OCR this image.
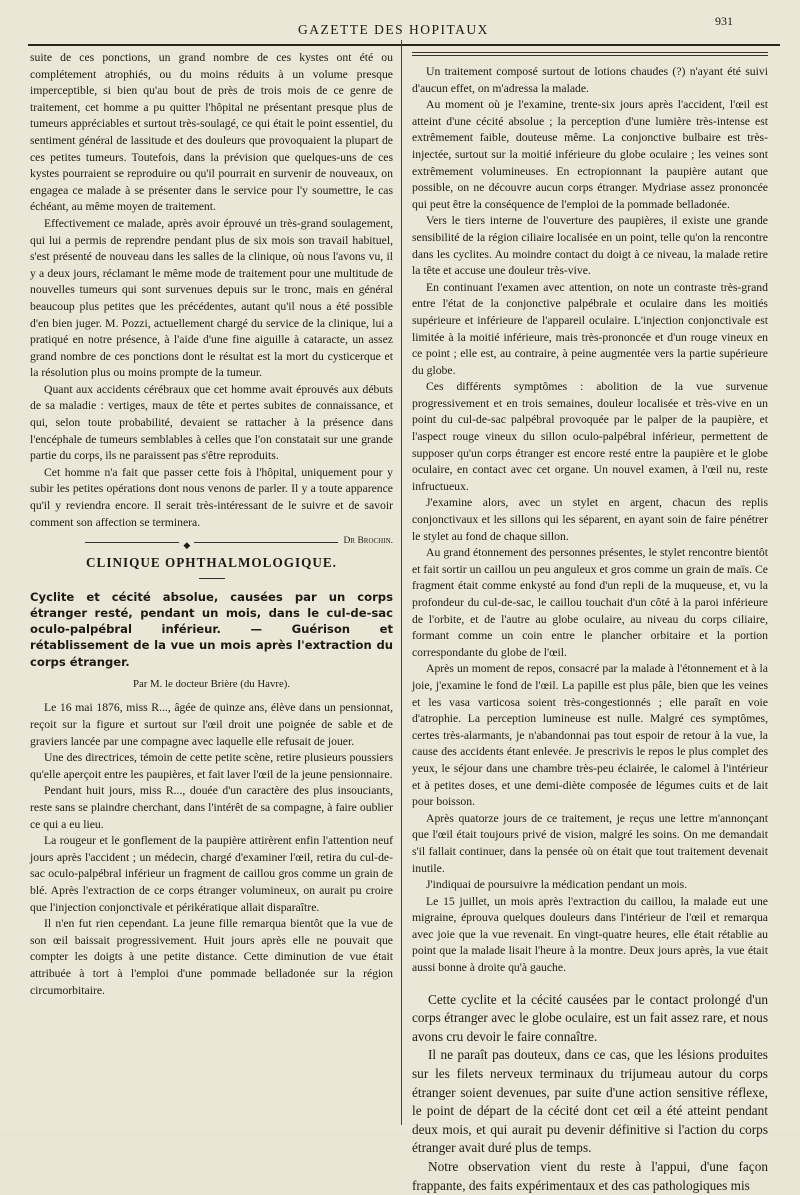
GAZETTE DES HOPITAUX
931

suite de ces ponctions, un grand nombre de ces kystes ont été ou complétement atrophiés, ou du moins réduits à un volume presque imperceptible, si bien qu'au bout de près de trois mois de ce genre de traitement, cet homme a pu quitter l'hôpital ne présentant presque plus de tumeurs appréciables et surtout très-soulagé, ce qui était le point essentiel, du sentiment général de lassitude et des douleurs que provoquaient la plupart de ces petites tumeurs. Toutefois, dans la prévision que quelques-uns de ces kystes pourraient se reproduire ou qu'il pourrait en survenir de nouveaux, on engagea ce malade à se présenter dans le service pour l'y soumettre, le cas échéant, au même moyen de traitement.

Effectivement ce malade, après avoir éprouvé un très-grand soulagement, qui lui a permis de reprendre pendant plus de six mois son travail habituel, s'est présenté de nouveau dans les salles de la clinique, où nous l'avons vu, il y a deux jours, réclamant le même mode de traitement pour une multitude de nouvelles tumeurs qui sont survenues depuis sur le tronc, mais en général beaucoup plus petites que les précédentes, autant qu'il nous a été possible d'en bien juger. M. Pozzi, actuellement chargé du service de la clinique, lui a pratiqué en notre présence, à l'aide d'une fine aiguille à cataracte, un assez grand nombre de ces ponctions dont le résultat est la mort du cysticerque et la résolution plus ou moins prompte de la tumeur.

Quant aux accidents cérébraux que cet homme avait éprouvés aux débuts de sa maladie : vertiges, maux de tête et pertes subites de connaissance, et qui, selon toute probabilité, devaient se rattacher à la présence dans l'encéphale de tumeurs semblables à celles que l'on constatait sur une grande partie du corps, ils ne paraissent pas s'être reproduits.

Cet homme n'a fait que passer cette fois à l'hôpital, uniquement pour y subir les petites opérations dont nous venons de parler. Il y a toute apparence qu'il y reviendra encore. Il serait très-intéressant de le suivre et de savoir comment son affection se terminera.

Dr Brochin.
◆
CLINIQUE OPHTHALMOLOGIQUE.
Cyclite et cécité absolue, causées par un corps étranger resté, pendant un mois, dans le cul-de-sac oculo-palpébral inférieur. — Guérison et rétablissement de la vue un mois après l'extraction du corps étranger.
Par M. le docteur Brière (du Havre).

Le 16 mai 1876, miss R..., âgée de quinze ans, élève dans un pensionnat, reçoit sur la figure et surtout sur l'œil droit une poignée de sable et de graviers lancée par une compagne avec laquelle elle refusait de jouer.

Une des directrices, témoin de cette petite scène, retire plusieurs poussiers qu'elle aperçoit entre les paupières, et fait laver l'œil de la jeune pensionnaire.

Pendant huit jours, miss R..., douée d'un caractère des plus insouciants, reste sans se plaindre cherchant, dans l'intérêt de sa compagne, à faire oublier ce qui a eu lieu.

La rougeur et le gonflement de la paupière attirèrent enfin l'attention neuf jours après l'accident ; un médecin, chargé d'examiner l'œil, retira du cul-de-sac oculo-palpébral inférieur un fragment de caillou gros comme un grain de blé. Après l'extraction de ce corps étranger volumineux, on aurait pu croire que l'injection conjonctivale et périkératique allait disparaître.

Il n'en fut rien cependant. La jeune fille remarqua bientôt que la vue de son œil baissait progressivement. Huit jours après elle ne pouvait que compter les doigts à une petite distance. Cette diminution de vue était attribuée à tort à l'emploi d'une pommade belladonée sur la région circumorbitaire.

Un traitement composé surtout de lotions chaudes (?) n'ayant été suivi d'aucun effet, on m'adressa la malade.

Au moment où je l'examine, trente-six jours après l'accident, l'œil est atteint d'une cécité absolue ; la perception d'une lumière très-intense est extrêmement faible, douteuse même. La conjonctive bulbaire est très-injectée, surtout sur la moitié inférieure du globe oculaire ; les veines sont extrêmement volumineuses. En ectropionnant la paupière autant que possible, on ne découvre aucun corps étranger. Mydriase assez prononcée qui peut être la conséquence de l'emploi de la pommade belladonée.

Vers le tiers interne de l'ouverture des paupières, il existe une grande sensibilité de la région ciliaire localisée en un point, telle qu'on la rencontre dans les cyclites. Au moindre contact du doigt à ce niveau, la malade retire la tête et accuse une douleur très-vive.

En continuant l'examen avec attention, on note un contraste très-grand entre l'état de la conjonctive palpébrale et oculaire dans les moitiés supérieure et inférieure de l'appareil oculaire. L'injection conjonctivale est limitée à la moitié inférieure, mais très-prononcée et d'un rouge vineux en ce point ; elle est, au contraire, à peine augmentée vers la partie supérieure du globe.

Ces différents symptômes : abolition de la vue survenue progressivement et en trois semaines, douleur localisée et très-vive en un point du cul-de-sac palpébral provoquée par le palper de la paupière, et l'aspect rouge vineux du sillon oculo-palpébral inférieur, permettent de supposer qu'un corps étranger est encore resté entre la paupière et le globe oculaire, en contact avec cet organe. Un nouvel examen, à l'œil nu, reste infructueux.

J'examine alors, avec un stylet en argent, chacun des replis conjonctivaux et les sillons qui les séparent, en ayant soin de faire pénétrer le stylet au fond de chaque sillon.

Au grand étonnement des personnes présentes, le stylet rencontre bientôt et fait sortir un caillou un peu anguleux et gros comme un grain de maïs. Ce fragment était comme enkysté au fond d'un repli de la muqueuse, et, vu la profondeur du cul-de-sac, le caillou touchait d'un côté à la paroi inférieure de l'orbite, et de l'autre au globe oculaire, au niveau du corps ciliaire, formant comme un coin entre le plancher orbitaire et la portion correspondante du globe de l'œil.

Après un moment de repos, consacré par la malade à l'étonnement et à la joie, j'examine le fond de l'œil. La papille est plus pâle, bien que les veines et les vasa varticosa soient très-congestionnés ; elle paraît en voie d'atrophie. La perception lumineuse est nulle. Malgré ces symptômes, certes très-alarmants, je n'abandonnai pas tout espoir de retour à la vue, la cause des accidents étant enlevée. Je prescrivis le repos le plus complet des yeux, le séjour dans une chambre très-peu éclairée, le calomel à l'intérieur et à petites doses, et une demi-diète composée de légumes cuits et de lait pour boisson.

Après quatorze jours de ce traitement, je reçus une lettre m'annonçant que l'œil était toujours privé de vision, malgré les soins. On me demandait s'il fallait continuer, dans la pensée où on était que tout traitement devenait inutile.

J'indiquai de poursuivre la médication pendant un mois.

Le 15 juillet, un mois après l'extraction du caillou, la malade eut une migraine, éprouva quelques douleurs dans l'intérieur de l'œil et remarqua avec joie que la vue revenait. En vingt-quatre heures, elle était rétablie au point que la malade lisait l'heure à la montre. Deux jours après, la vue était aussi bonne à droite qu'à gauche.

Cette cyclite et la cécité causées par le contact prolongé d'un corps étranger avec le globe oculaire, est un fait assez rare, et nous avons cru devoir le faire connaître.

Il ne paraît pas douteux, dans ce cas, que les lésions produites sur les filets nerveux terminaux du trijumeau autour du corps étranger soient devenues, par suite d'une action sensitive réflexe, le point de départ de la cécité dont cet œil a été atteint pendant deux mois, et qui aurait pu devenir définitive si l'action du corps étranger avait duré plus de temps.

Notre observation vient du reste à l'appui, d'une façon frappante, des faits expérimentaux et des cas pathologiques mis
